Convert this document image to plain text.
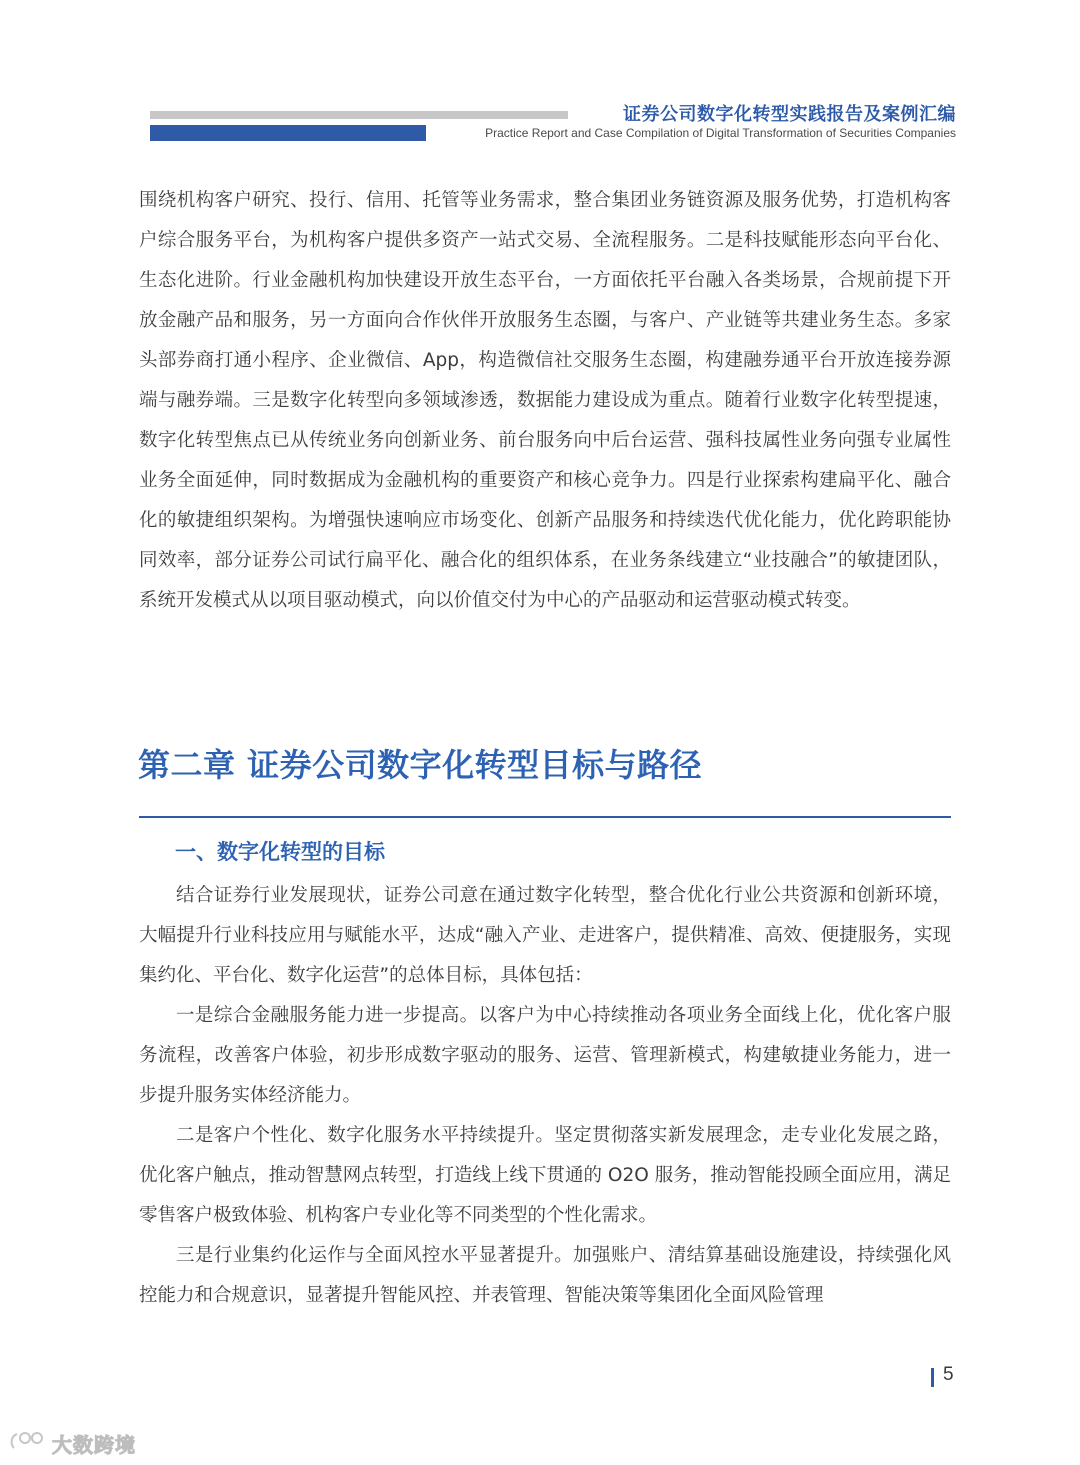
证券公司数字化转型实践报告及案例汇编
Practice Report and Case Compilation of Digital Transformation of Securities Companies

围绕机构客户研究、投行、信用、托管等业务需求，整合集团业务链资源及服务优势，打造机构客户综合服务平台，为机构客户提供多资产一站式交易、全流程服务。二是科技赋能形态向平台化、生态化进阶。行业金融机构加快建设开放生态平台，一方面依托平台融入各类场景，合规前提下开放金融产品和服务，另一方面向合作伙伴开放服务生态圈，与客户、产业链等共建业务生态。多家头部券商打通小程序、企业微信、App，构造微信社交服务生态圈，构建融券通平台开放连接券源端与融券端。三是数字化转型向多领域渗透，数据能力建设成为重点。随着行业数字化转型提速，数字化转型焦点已从传统业务向创新业务、前台服务向中后台运营、强科技属性业务向强专业属性业务全面延伸，同时数据成为金融机构的重要资产和核心竞争力。四是行业探索构建扁平化、融合化的敏捷组织架构。为增强快速响应市场变化、创新产品服务和持续迭代优化能力，优化跨职能协同效率，部分证券公司试行扁平化、融合化的组织体系，在业务条线建立“业技融合”的敏捷团队，系统开发模式从以项目驱动模式，向以价值交付为中心的产品驱动和运营驱动模式转变。

第二章 证券公司数字化转型目标与路径
一、数字化转型的目标

结合证券行业发展现状，证券公司意在通过数字化转型，整合优化行业公共资源和创新环境，大幅提升行业科技应用与赋能水平，达成“融入产业、走进客户，提供精准、高效、便捷服务，实现集约化、平台化、数字化运营”的总体目标，具体包括：

一是综合金融服务能力进一步提高。以客户为中心持续推动各项业务全面线上化，优化客户服务流程，改善客户体验，初步形成数字驱动的服务、运营、管理新模式，构建敏捷业务能力，进一步提升服务实体经济能力。

二是客户个性化、数字化服务水平持续提升。坚定贯彻落实新发展理念，走专业化发展之路，优化客户触点，推动智慧网点转型，打造线上线下贯通的 O2O 服务，推动智能投顾全面应用，满足零售客户极致体验、机构客户专业化等不同类型的个性化需求。

三是行业集约化运作与全面风控水平显著提升。加强账户、清结算基础设施建设，持续强化风控能力和合规意识，显著提升智能风控、并表管理、智能决策等集团化全面风险管理

5
大数跨境
